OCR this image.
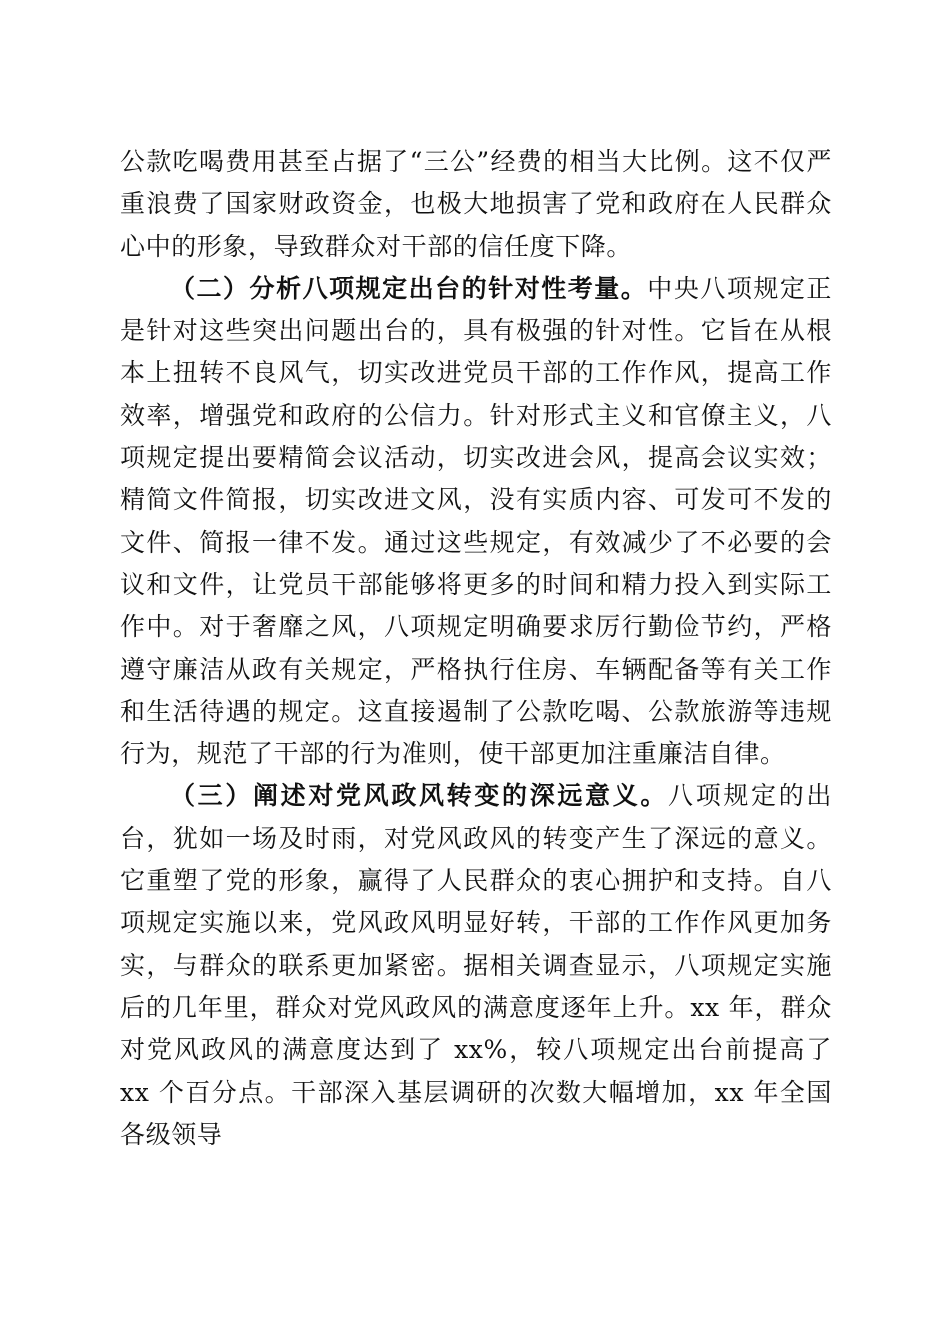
公款吃喝费用甚至占据了“三公”经费的相当大比例。这不仅严重浪费了国家财政资金，也极大地损害了党和政府在人民群众心中的形象，导致群众对干部的信任度下降。

（二）分析八项规定出台的针对性考量。中央八项规定正是针对这些突出问题出台的，具有极强的针对性。它旨在从根本上扭转不良风气，切实改进党员干部的工作作风，提高工作效率，增强党和政府的公信力。针对形式主义和官僚主义，八项规定提出要精简会议活动，切实改进会风，提高会议实效；精简文件简报，切实改进文风，没有实质内容、可发可不发的文件、简报一律不发。通过这些规定，有效减少了不必要的会议和文件，让党员干部能够将更多的时间和精力投入到实际工作中。对于奢靡之风，八项规定明确要求厉行勤俭节约，严格遵守廉洁从政有关规定，严格执行住房、车辆配备等有关工作和生活待遇的规定。这直接遏制了公款吃喝、公款旅游等违规行为，规范了干部的行为准则，使干部更加注重廉洁自律。

（三）阐述对党风政风转变的深远意义。八项规定的出台，犹如一场及时雨，对党风政风的转变产生了深远的意义。它重塑了党的形象，赢得了人民群众的衷心拥护和支持。自八项规定实施以来，党风政风明显好转，干部的工作作风更加务实，与群众的联系更加紧密。据相关调查显示，八项规定实施后的几年里，群众对党风政风的满意度逐年上升。xx 年，群众对党风政风的满意度达到了 xx%，较八项规定出台前提高了 xx 个百分点。干部深入基层调研的次数大幅增加，xx 年全国各级领导
